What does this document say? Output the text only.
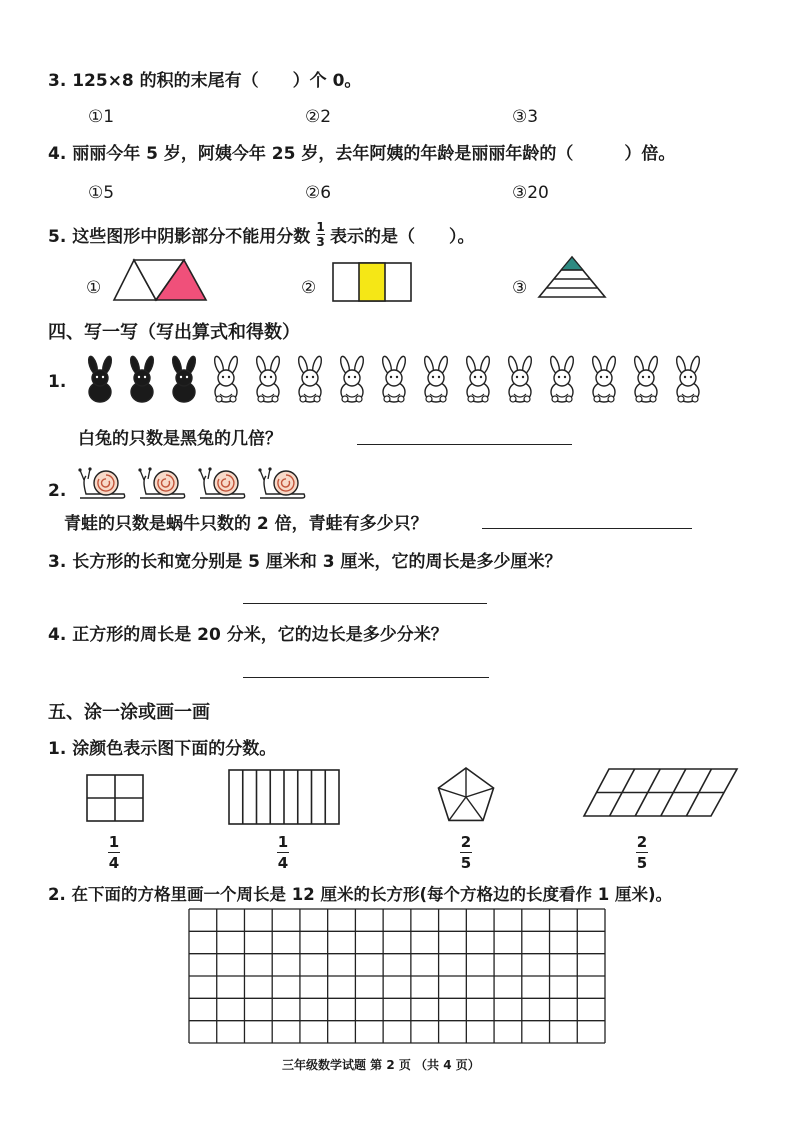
3. 125×8 的积的末尾有（　　）个 0。
①1	②2	③3
4. 丽丽今年 5 岁，阿姨今年 25 岁，去年阿姨的年龄是丽丽年龄的（　　　）倍。
①5	②6	③20
5. 这些图形中阴影部分不能用分数 1
3 表示的是（　　）。
①	②	③
四、写一写（写出算式和得数）
1.
白兔的只数是黑兔的几倍？
2.
青蛙的只数是蜗牛只数的 2 倍，青蛙有多少只？
3. 长方形的长和宽分别是 5 厘米和 3 厘米，它的周长是多少厘米？
4. 正方形的周长是 20 分米，它的边长是多少分米？
五、涂一涂或画一画
1. 涂颜色表示图下面的分数。
1
4
1
4
2
5
2
5
2. 在下面的方格里画一个周长是 12 厘米的长方形(每个方格边的长度看作 1 厘米)。
三年级数学试题 第 2 页 （共 4 页）
